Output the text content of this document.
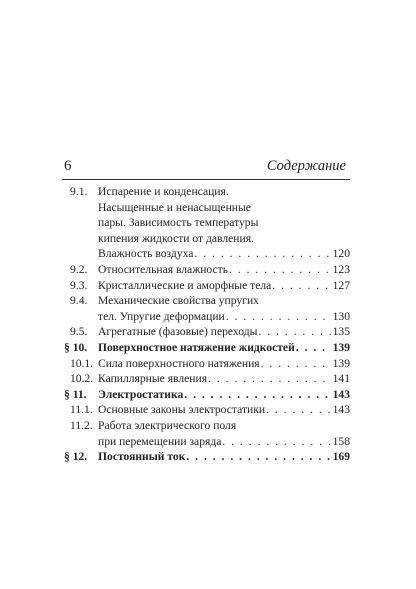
6	Содержание
9.1. Испарение и конденсация.
Насыщенные и ненасыщенные
пары. Зависимость температуры
кипения жидкости от давления.
Влажность воздуха . . .	120
9.2. Относительная влажность . . .	123
9.3. Кристаллические и аморфные тела . . .	127
9.4. Механические свойства упругих
тел. Упругие деформации . . .	130
9.5. Агрегатные (фазовые) переходы . . .	135
§ 10. Поверхностное натяжение жидкостей . . .	139
10.1. Сила поверхностного натяжения . . .	139
10.2. Капиллярные явления . . .	141
§ 11. Электростатика . . .	143
11.1. Основные законы электростатики . . .	143
11.2. Работа электрического поля
при перемещении заряда . . .	158
§ 12. Постоянный ток . . .	169
